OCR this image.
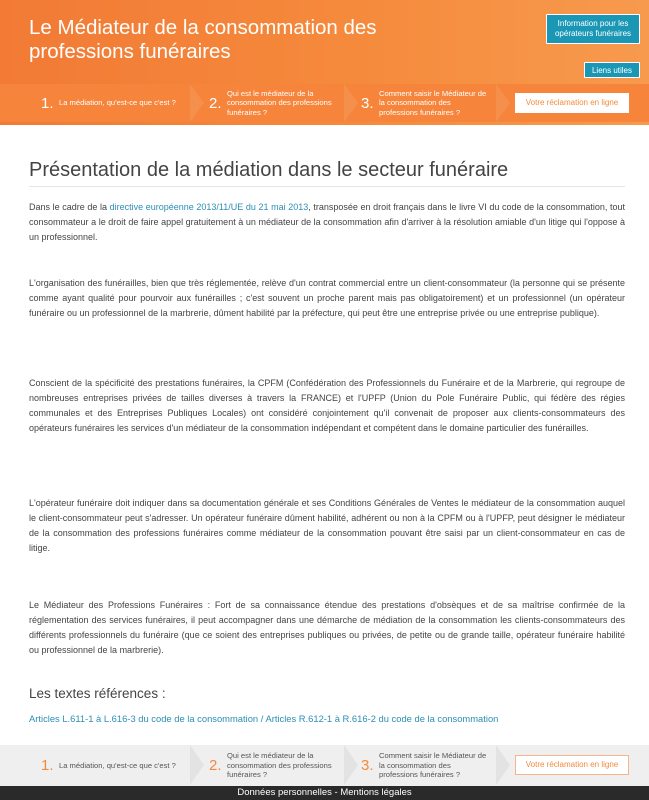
Le Médiateur de la consommation des professions funéraires
Information pour les opérateurs funéraires
Liens utiles
1. La médiation, qu'est-ce que c'est ? 2.
Qui est le médiateur de la consommation des professions funéraires ?
3.
Comment saisir le Médiateur de la consommation des professions funéraires ?
Votre réclamation en ligne
Présentation de la médiation dans le secteur funéraire

Dans le cadre de la directive européenne 2013/11/UE du 21 mai 2013, transposée en droit français dans le livre VI du code de la consommation, tout consommateur a le droit de faire appel gratuitement à un médiateur de la consommation afin d'arriver à la résolution amiable d'un litige qui l'oppose à un professionnel.

L'organisation des funérailles, bien que très réglementée, relève d'un contrat commercial entre un client-consommateur (la personne qui se présente comme ayant qualité pour pourvoir aux funérailles ; c'est souvent un proche parent mais pas obligatoirement) et un professionnel (un opérateur funéraire ou un professionnel de la marbrerie, dûment habilité par la préfecture, qui peut être une entreprise privée ou une entreprise publique).

Conscient de la spécificité des prestations funéraires, la CPFM (Confédération des Professionnels du Funéraire et de la Marbrerie, qui regroupe de nombreuses entreprises privées de tailles diverses à travers la FRANCE) et l'UPFP (Union du Pole Funéraire Public, qui fédère des régies communales et des Entreprises Publiques Locales) ont considéré conjointement qu'il convenait de proposer aux clients-consommateurs des opérateurs funéraires les services d'un médiateur de la consommation indépendant et compétent dans le domaine particulier des funérailles.

L'opérateur funéraire doit indiquer dans sa documentation générale et ses Conditions Générales de Ventes le médiateur de la consommation auquel le client-consommateur peut s'adresser. Un opérateur funéraire dûment habilité, adhérent ou non à la CPFM ou à l'UPFP, peut désigner le médiateur de la consommation des professions funéraires comme médiateur de la consommation pouvant être saisi par un client-consommateur en cas de litige.

Le Médiateur des Professions Funéraires : Fort de sa connaissance étendue des prestations d'obsèques et de sa maîtrise confirmée de la réglementation des services funéraires, il peut accompagner dans une démarche de médiation de la consommation les clients-consommateurs des différents professionnels du funéraire (que ce soient des entreprises publiques ou privées, de petite ou de grande taille, opérateur funéraire habilité ou professionnel de la marbrerie).

Les textes références :
Articles L.611-1 à L.616-3 du code de la consommation / Articles R.612-1 à R.616-2 du code de la consommation
1. La médiation, qu'est-ce que c'est ? 2.
Qui est le médiateur de la consommation des professions funéraires ?
3.
Comment saisir le Médiateur de la consommation des professions funéraires ?
Votre réclamation en ligne
Données personnelles - Mentions légales
